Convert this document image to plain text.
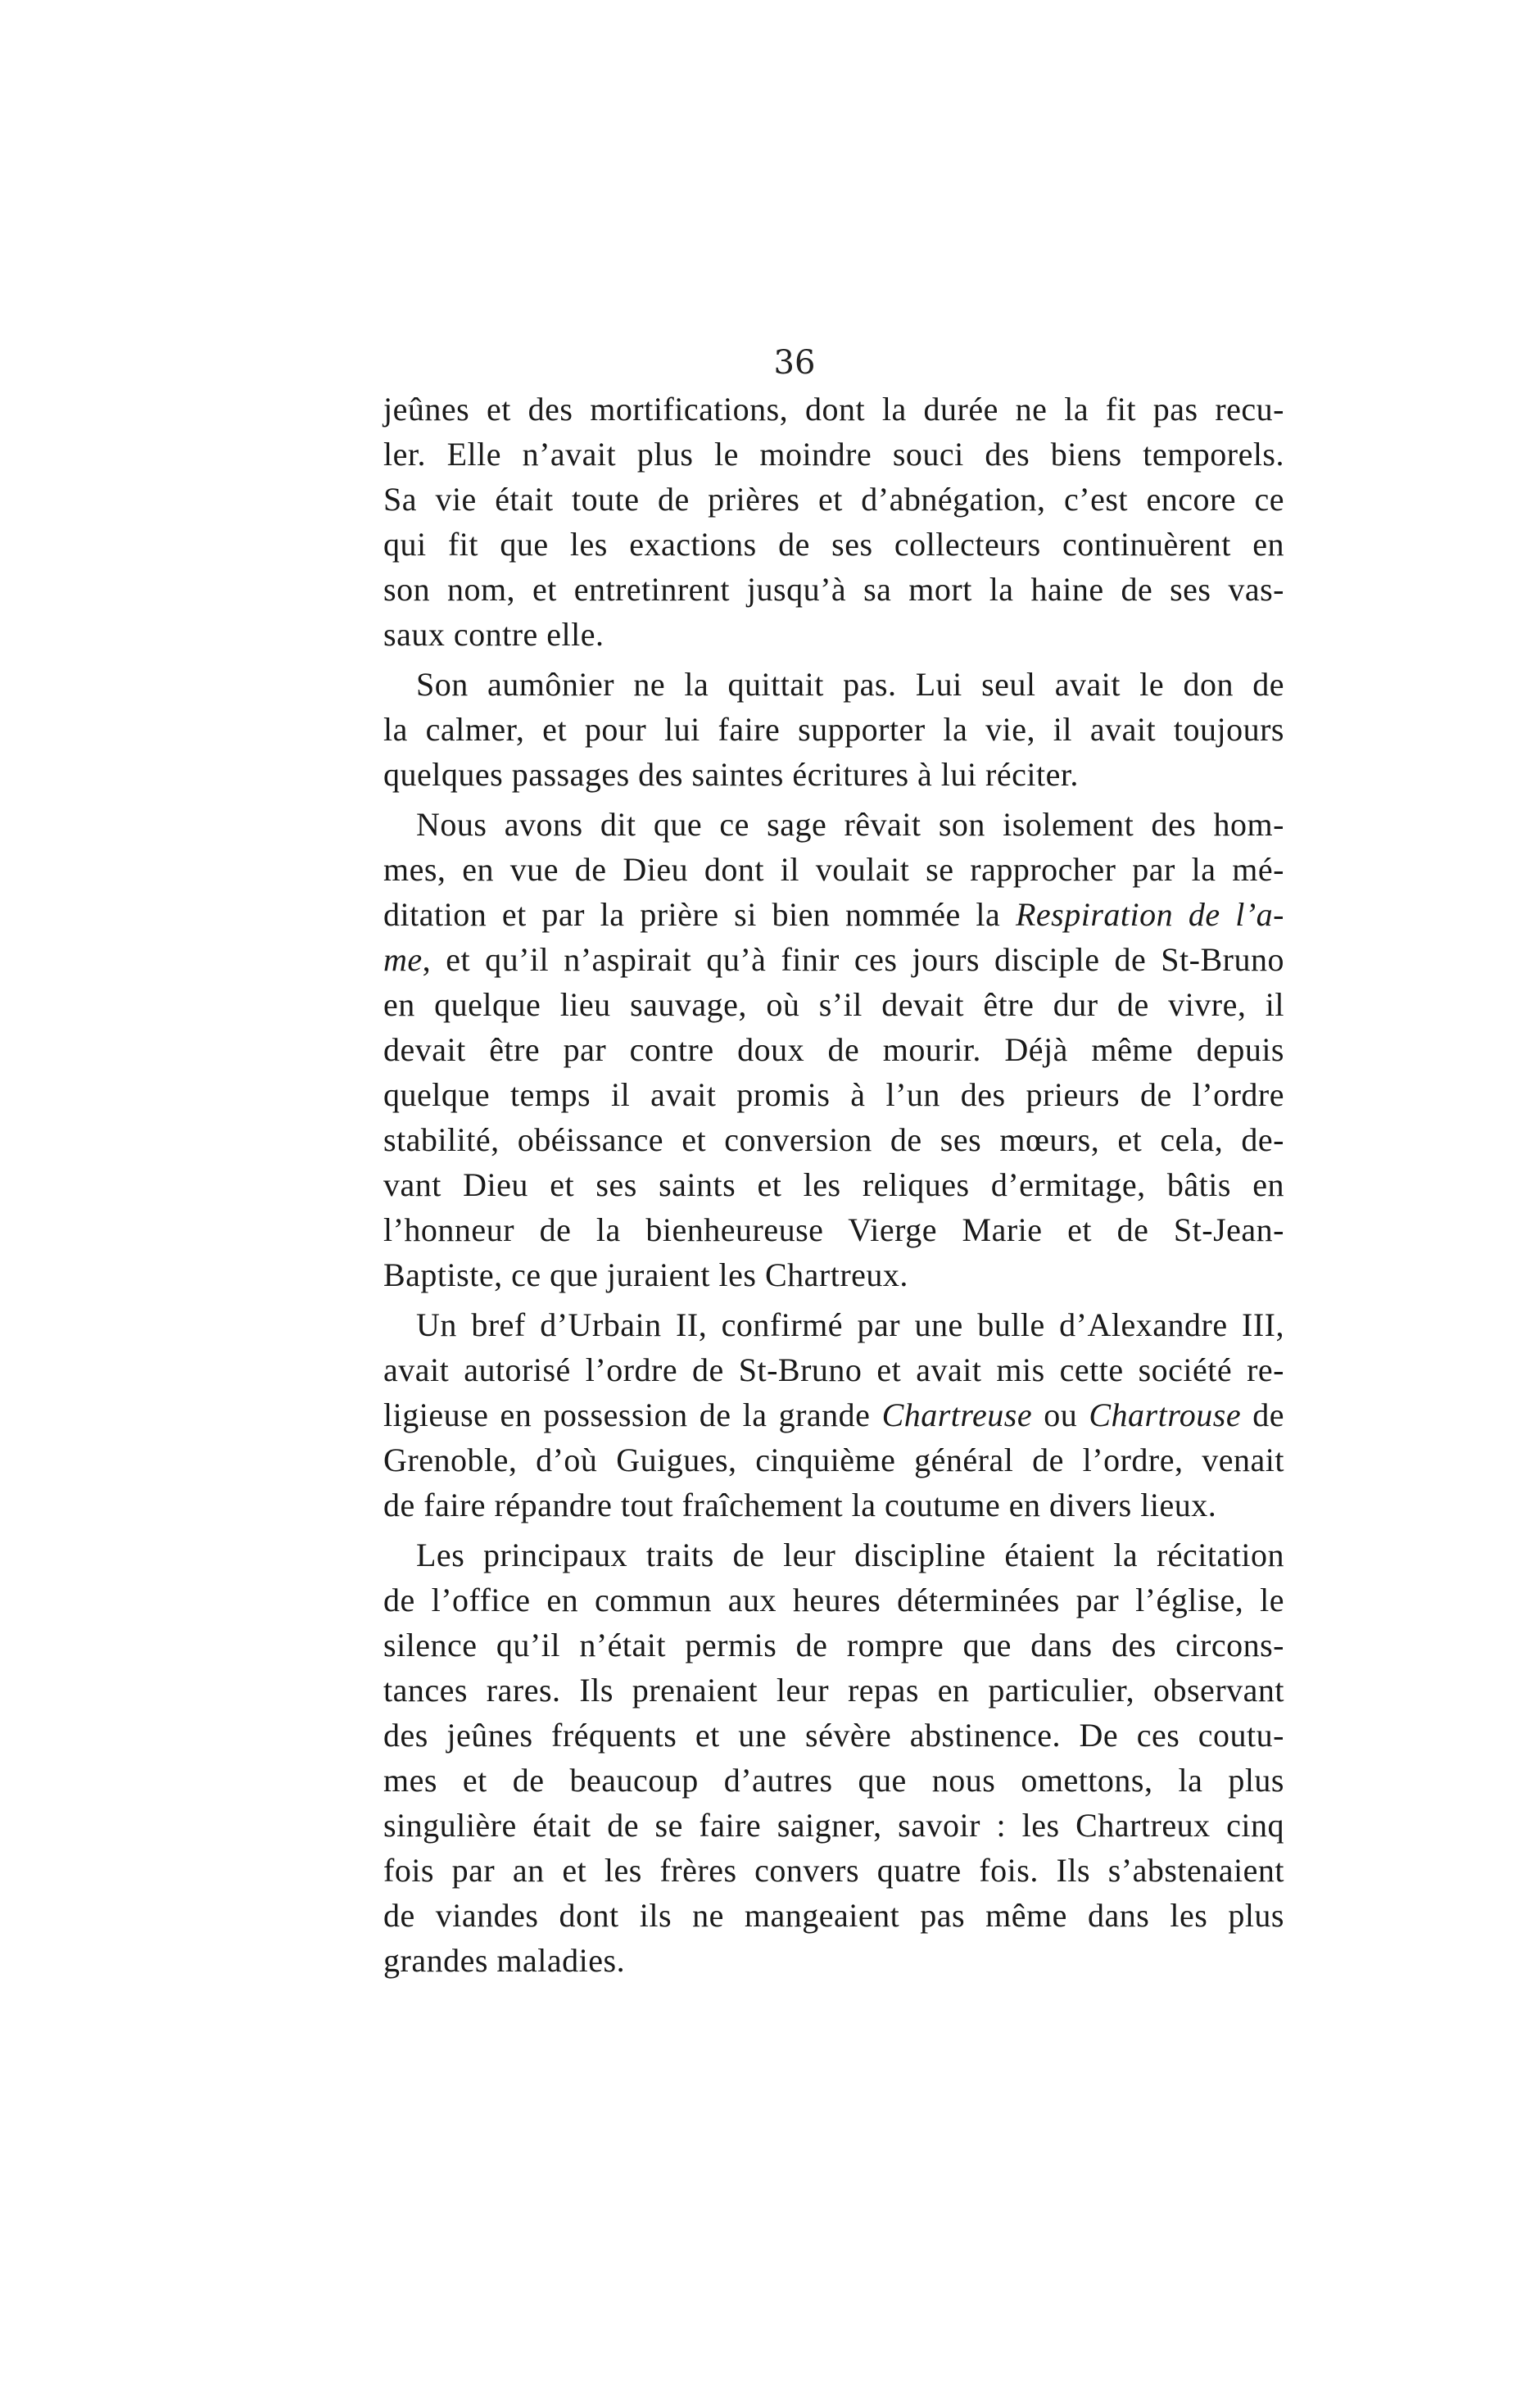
36
jeûnes et des mortifications, dont la durée ne la fit pas recu-
ler. Elle n’avait plus le moindre souci des biens temporels.
Sa vie était toute de prières et d’abnégation, c’est encore ce
qui fit que les exactions de ses collecteurs continuèrent en
son nom, et entretinrent jusqu’à sa mort la haine de ses vas-
saux contre elle.
Son aumônier ne la quittait pas. Lui seul avait le don de
la calmer, et pour lui faire supporter la vie, il avait toujours
quelques passages des saintes écritures à lui réciter.
Nous avons dit que ce sage rêvait son isolement des hom-
mes, en vue de Dieu dont il voulait se rapprocher par la mé-
ditation et par la prière si bien nommée la Respiration de l’a-
me, et qu’il n’aspirait qu’à finir ces jours disciple de St-Bruno
en quelque lieu sauvage, où s’il devait être dur de vivre, il
devait être par contre doux de mourir. Déjà même depuis
quelque temps il avait promis à l’un des prieurs de l’ordre
stabilité, obéissance et conversion de ses mœurs, et cela, de-
vant Dieu et ses saints et les reliques d’ermitage, bâtis en
l’honneur de la bienheureuse Vierge Marie et de St-Jean-
Baptiste, ce que juraient les Chartreux.
Un bref d’Urbain II, confirmé par une bulle d’Alexandre III,
avait autorisé l’ordre de St-Bruno et avait mis cette société re-
ligieuse en possession de la grande Chartreuse ou Chartrouse de
Grenoble, d’où Guigues, cinquième général de l’ordre, venait
de faire répandre tout fraîchement la coutume en divers lieux.
Les principaux traits de leur discipline étaient la récitation
de l’office en commun aux heures déterminées par l’église, le
silence qu’il n’était permis de rompre que dans des circons-
tances rares. Ils prenaient leur repas en particulier, observant
des jeûnes fréquents et une sévère abstinence. De ces coutu-
mes et de beaucoup d’autres que nous omettons, la plus
singulière était de se faire saigner, savoir : les Chartreux cinq
fois par an et les frères convers quatre fois. Ils s’abstenaient
de viandes dont ils ne mangeaient pas même dans les plus
grandes maladies.
